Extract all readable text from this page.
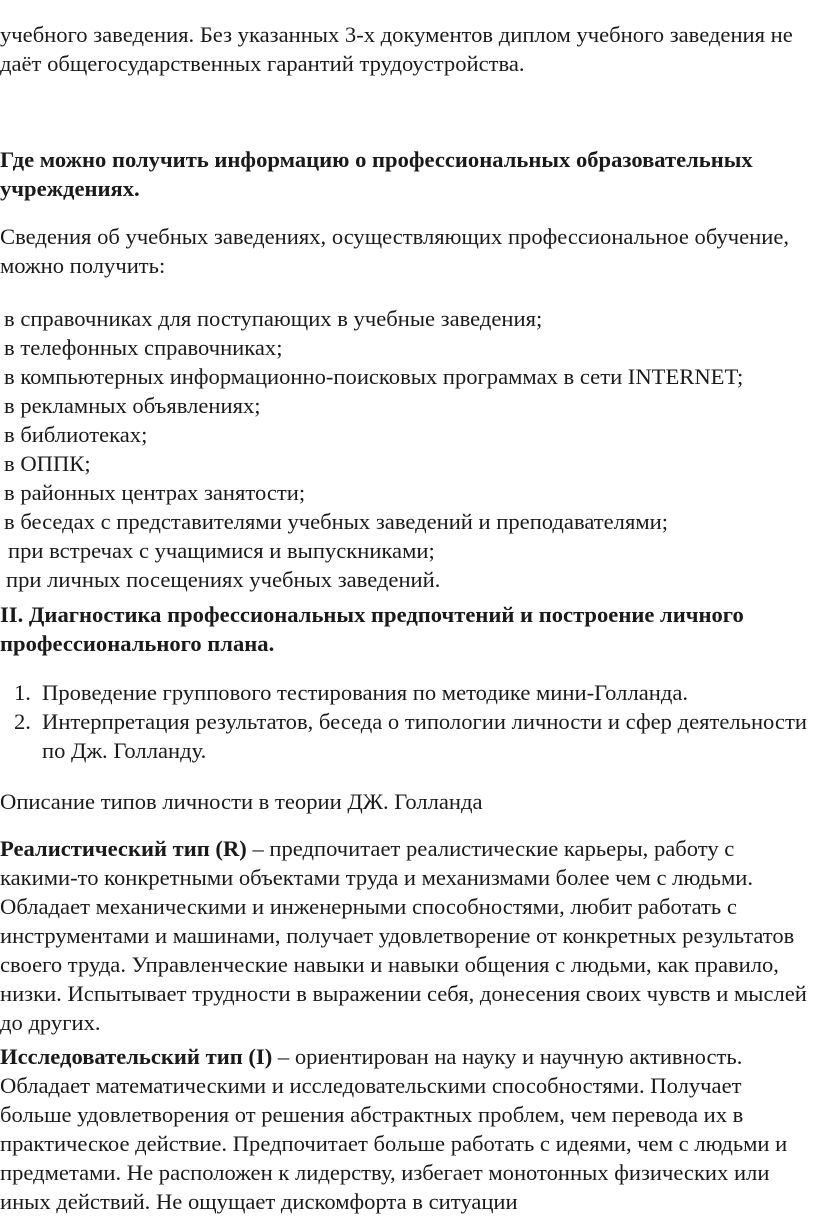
учебного заведения. Без указанных 3-х документов диплом учебного заведения не даёт общегосударственных гарантий трудоустройства.

Где можно получить информацию о профессиональных образовательных учреждениях.

Сведения об учебных заведениях, осуществляющих профессиональное обучение, можно получить:

в справочниках для поступающих в учебные заведения;
в телефонных справочниках;
в компьютерных информационно-поисковых программах в сети INTERNET;
в рекламных объявлениях;
в библиотеках;
в ОППК;
в районных центрах занятости;
в беседах с представителями учебных заведений и преподавателями;
при встречах с учащимися и выпускниками;
при личных посещениях учебных заведений.

II. Диагностика профессиональных предпочтений и построение личного профессионального плана.

1. Проведение группового тестирования по методике мини-Голланда.
2. Интерпретация результатов, беседа о типологии личности и сфер деятельности по Дж. Голланду.

Описание типов личности в теории ДЖ. Голланда

Реалистический тип (R) – предпочитает реалистические карьеры, работу с какими-то конкретными объектами труда и механизмами более чем с людьми. Обладает механическими и инженерными способностями, любит работать с инструментами и машинами, получает удовлетворение от конкретных результатов своего труда. Управленческие навыки и навыки общения с людьми, как правило, низки. Испытывает трудности в выражении себя, донесения своих чувств и мыслей до других.

Исследовательский тип (I) – ориентирован на науку и научную активность. Обладает математическими и исследовательскими способностями. Получает больше удовлетворения от решения абстрактных проблем, чем перевода их в практическое действие. Предпочитает больше работать с идеями, чем с людьми и предметами. Не расположен к лидерству, избегает монотонных физических или иных действий. Не ощущает дискомфорта в ситуации
